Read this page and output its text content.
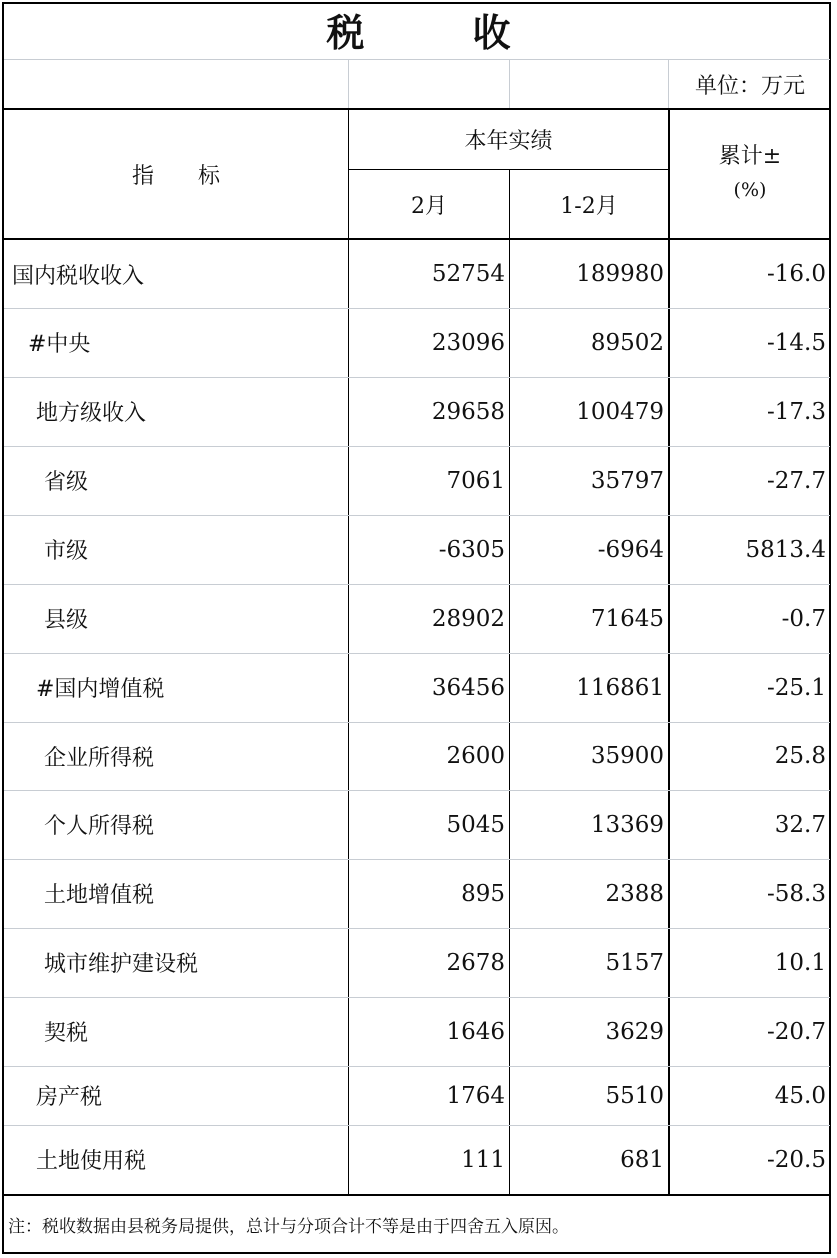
税	收
单位：万元
指　　标
本年实绩
2月	1-2月
累计±
(%)
国内税收收入	52754	189980	-16.0
#中央	23096	89502	-14.5
地方级收入	29658	100479	-17.3
省级	7061	35797	-27.7
市级	-6305	-6964	5813.4
县级	28902	71645	-0.7
#国内增值税	36456	116861	-25.1
企业所得税	2600	35900	25.8
个人所得税	5045	13369	32.7
土地增值税	895	2388	-58.3
城市维护建设税	2678	5157	10.1
契税	1646	3629	-20.7
房产税	1764	5510	45.0
土地使用税	111	681	-20.5
注：税收数据由县税务局提供，总计与分项合计不等是由于四舍五入原因。
